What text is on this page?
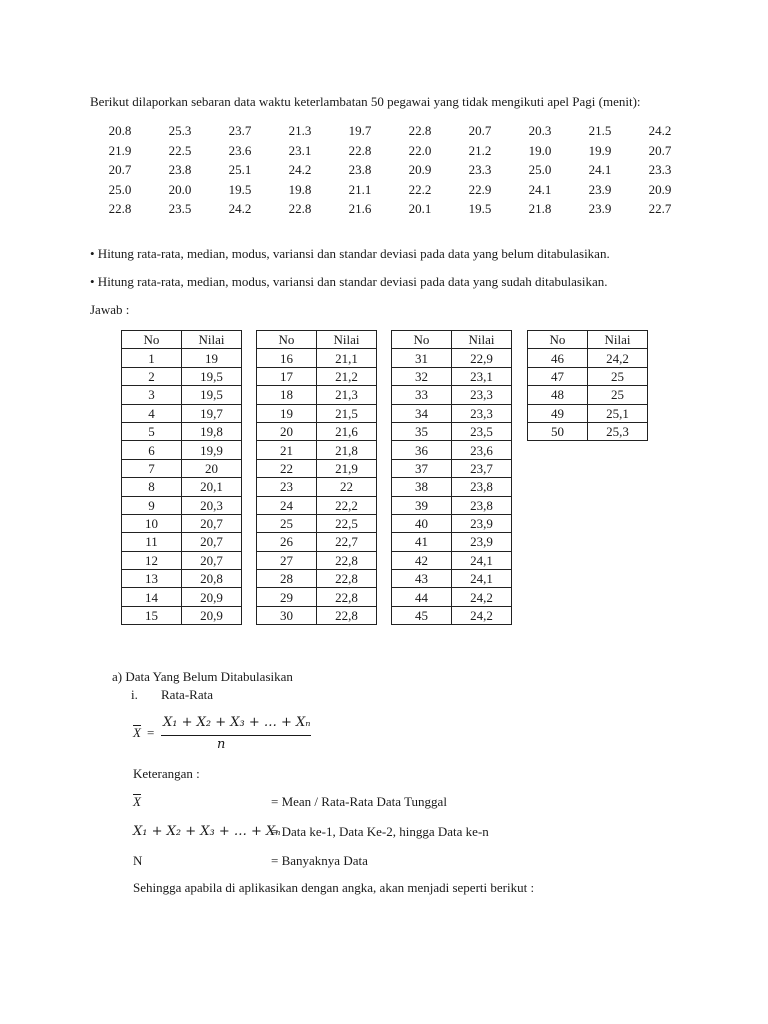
Berikut dilaporkan sebaran data waktu keterlambatan 50 pegawai yang tidak mengikuti apel Pagi (menit):
20.8	25.3	23.7	21.3	19.7	22.8	20.7	20.3	21.5	24.2
21.9	22.5	23.6	23.1	22.8	22.0	21.2	19.0	19.9	20.7
20.7	23.8	25.1	24.2	23.8	20.9	23.3	25.0	24.1	23.3
25.0	20.0	19.5	19.8	21.1	22.2	22.9	24.1	23.9	20.9
22.8	23.5	24.2	22.8	21.6	20.1	19.5	21.8	23.9	22.7
• Hitung rata-rata, median, modus, variansi dan standar deviasi pada data yang belum ditabulasikan.
• Hitung rata-rata, median, modus, variansi dan standar deviasi pada data yang sudah ditabulasikan.
Jawab :
No	Nilai
1	19
2	19,5
3	19,5
4	19,7
5	19,8
6	19,9
7	20
8	20,1
9	20,3
10	20,7
11	20,7
12	20,7
13	20,8
14	20,9
15	20,9
No	Nilai
16	21,1
17	21,2
18	21,3
19	21,5
20	21,6
21	21,8
22	21,9
23	22
24	22,2
25	22,5
26	22,7
27	22,8
28	22,8
29	22,8
30	22,8
No	Nilai
31	22,9
32	23,1
33	23,3
34	23,3
35	23,5
36	23,6
37	23,7
38	23,8
39	23,8
40	23,9
41	23,9
42	24,1
43	24,1
44	24,2
45	24,2
No	Nilai
46	24,2
47	25
48	25
49	25,1
50	25,3
a) Data Yang Belum Ditabulasikan
i. Rata-Rata
X =
X₁ + X₂ + X₃ + … + Xₙ
n
Keterangan :
X	= Mean / Rata-Rata Data Tunggal
X₁ + X₂ + X₃ + … + Xₙ
= Data ke-1, Data Ke-2, hingga Data ke-n
N	= Banyaknya Data
Sehingga apabila di aplikasikan dengan angka, akan menjadi seperti berikut :
